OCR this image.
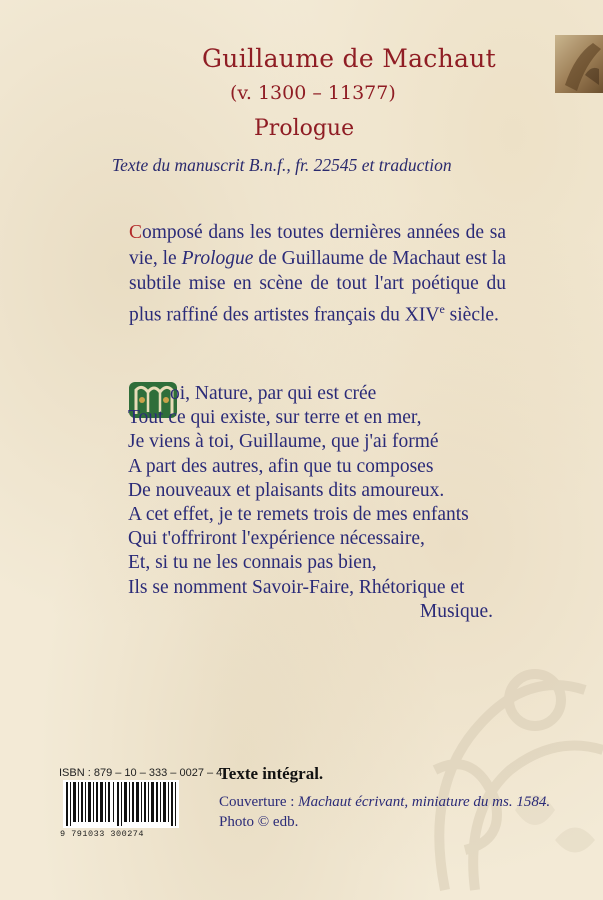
Guillaume de Machaut
(v. 1300 – 11377)
Prologue
Texte du manuscrit B.n.f., fr. 22545 et traduction
Composé dans les toutes dernières années de sa vie, le Prologue de Guillaume de Machaut est la subtile mise en scène de tout l'art poétique du plus raffiné des artistes français du XIVe siècle.
oi, Nature, par qui est crée
Tout ce qui existe, sur terre et en mer,
Je viens à toi, Guillaume, que j'ai formé
A part des autres, afin que tu composes
De nouveaux et plaisants dits amoureux.
A cet effet, je te remets trois de mes enfants
Qui t'offriront l'expérience nécessaire,
Et, si tu ne les connais pas bien,
Ils se nomment Savoir-Faire, Rhétorique et
Musique.
ISBN : 879 – 10 – 333 – 0027 – 4
9 791033 300274
Texte intégral.
Couverture : Machaut écrivant, miniature du ms. 1584.
Photo © edb.
